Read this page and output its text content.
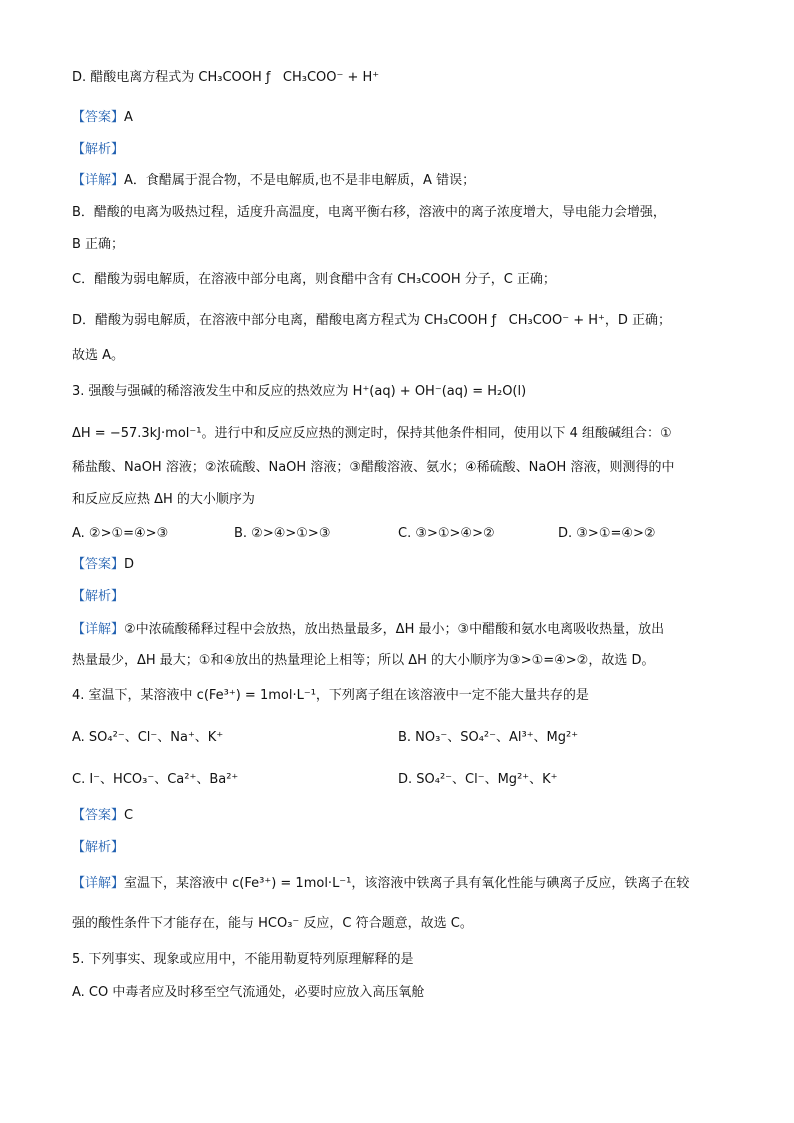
D. 醋酸电离方程式为 CH₃COOH ƒ   CH₃COO⁻ + H⁺
【答案】A
【解析】
【详解】A．食醋属于混合物，不是电解质,也不是非电解质，A 错误；
B．醋酸的电离为吸热过程，适度升高温度，电离平衡右移，溶液中的离子浓度增大，导电能力会增强，
B 正确；
C．醋酸为弱电解质，在溶液中部分电离，则食醋中含有 CH₃COOH 分子，C 正确；
D．醋酸为弱电解质，在溶液中部分电离，醋酸电离方程式为 CH₃COOH ƒ   CH₃COO⁻ + H⁺，D 正确；
故选 A。
3. 强酸与强碱的稀溶液发生中和反应的热效应为 H⁺(aq) + OH⁻(aq) = H₂O(l)
ΔH = −57.3kJ·mol⁻¹。进行中和反应反应热的测定时，保持其他条件相同，使用以下 4 组酸碱组合：①
稀盐酸、NaOH 溶液；②浓硫酸、NaOH 溶液；③醋酸溶液、氨水；④稀硫酸、NaOH 溶液，则测得的中
和反应反应热 ΔH 的大小顺序为
A. ②>①=④>③	B. ②>④>①>③	C. ③>①>④>②	D. ③>①=④>②
【答案】D
【解析】
【详解】②中浓硫酸稀释过程中会放热，放出热量最多，ΔH 最小；③中醋酸和氨水电离吸收热量，放出
热量最少，ΔH 最大；①和④放出的热量理论上相等；所以 ΔH 的大小顺序为③>①=④>②，故选 D。
4. 室温下，某溶液中 c(Fe³⁺) = 1mol·L⁻¹，下列离子组在该溶液中一定不能大量共存的是
A. SO₄²⁻、Cl⁻、Na⁺、K⁺	B. NO₃⁻、SO₄²⁻、Al³⁺、Mg²⁺
C. I⁻、HCO₃⁻、Ca²⁺、Ba²⁺	D. SO₄²⁻、Cl⁻、Mg²⁺、K⁺
【答案】C
【解析】
【详解】室温下，某溶液中 c(Fe³⁺) = 1mol·L⁻¹，该溶液中铁离子具有氧化性能与碘离子反应，铁离子在较
强的酸性条件下才能存在，能与 HCO₃⁻ 反应，C 符合题意，故选 C。
5. 下列事实、现象或应用中，不能用勒夏特列原理解释的是
A. CO 中毒者应及时移至空气流通处，必要时应放入高压氧舱
